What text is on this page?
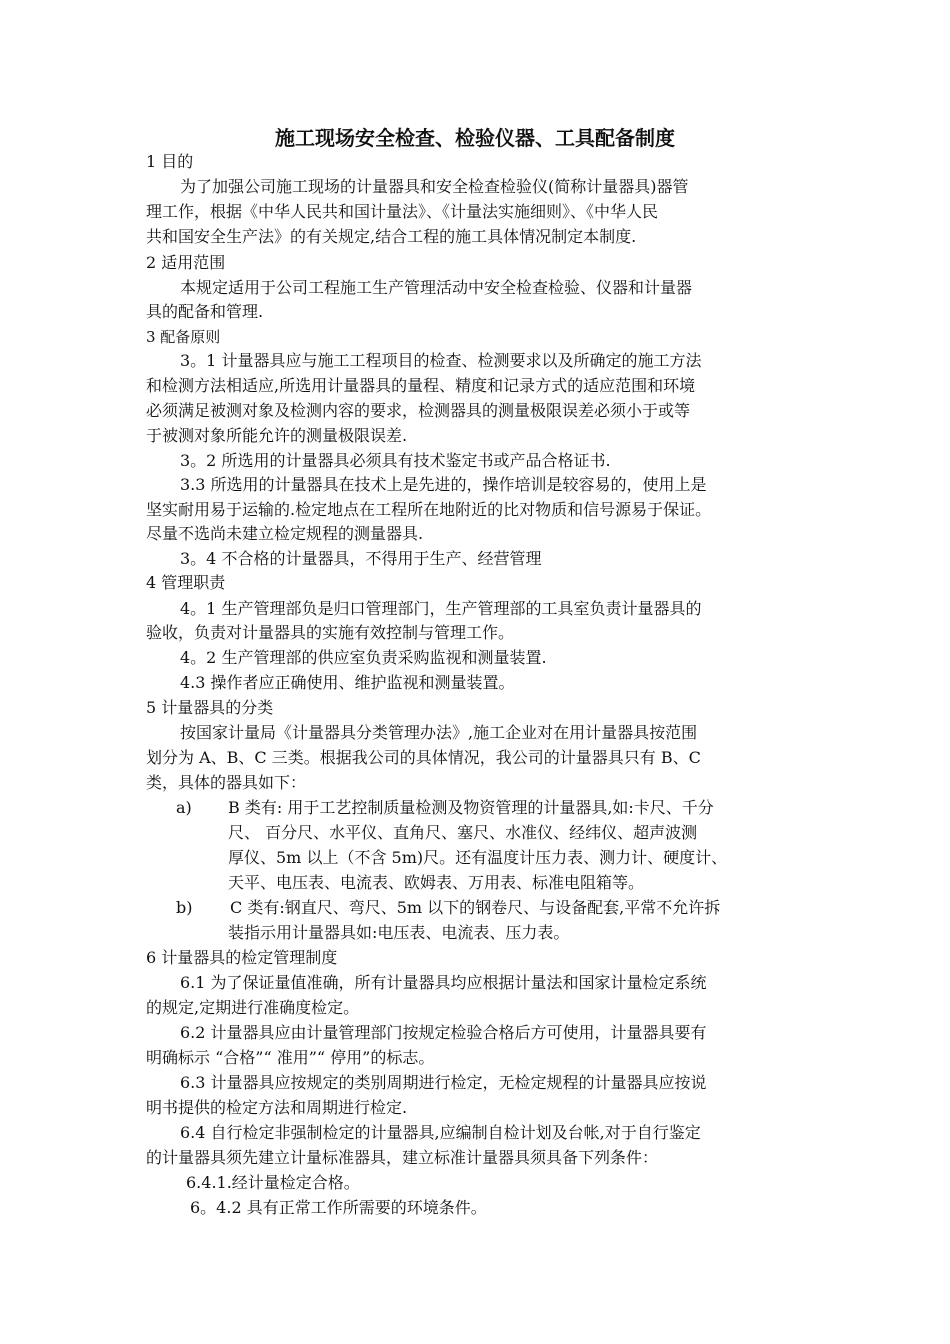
施工现场安全检查、检验仪器、工具配备制度
1 目的
为了加强公司施工现场的计量器具和安全检查检验仪(简称计量器具)器管
理工作，根据《中华人民共和国计量法》、《计量法实施细则》、《中华人民
共和国安全生产法》的有关规定,结合工程的施工具体情况制定本制度.
2 适用范围
本规定适用于公司工程施工生产管理活动中安全检查检验、仪器和计量器
具的配备和管理.
3 配备原则
3。1 计量器具应与施工工程项目的检查、检测要求以及所确定的施工方法
和检测方法相适应,所选用计量器具的量程、精度和记录方式的适应范围和环境
必须满足被测对象及检测内容的要求，检测器具的测量极限误差必须小于或等
于被测对象所能允许的测量极限误差.
3。2 所选用的计量器具必须具有技术鉴定书或产品合格证书.
3.3 所选用的计量器具在技术上是先进的，操作培训是较容易的，使用上是
坚实耐用易于运输的.检定地点在工程所在地附近的比对物质和信号源易于保证。
尽量不选尚未建立检定规程的测量器具.
3。4 不合格的计量器具，不得用于生产、经营管理
4 管理职责
4。1 生产管理部负是归口管理部门，生产管理部的工具室负责计量器具的
验收，负责对计量器具的实施有效控制与管理工作。
4。2 生产管理部的供应室负责采购监视和测量装置.
4.3 操作者应正确使用、维护监视和测量装置。
5 计量器具的分类
按国家计量局《计量器具分类管理办法》,施工企业对在用计量器具按范围
划分为 A、B、C 三类。根据我公司的具体情况，我公司的计量器具只有 B、C
类，具体的器具如下：
a) B 类有: 用于工艺控制质量检测及物资管理的计量器具,如:卡尺、千分
尺、 百分尺、水平仪、直角尺、塞尺、水准仪、经纬仪、超声波测
厚仪、5m 以上（不含 5m)尺。还有温度计压力表、测力计、硬度计、
天平、电压表、电流表、欧姆表、万用表、标准电阻箱等。
b) C 类有:钢直尺、弯尺、5m 以下的钢卷尺、与设备配套,平常不允许拆
装指示用计量器具如:电压表、电流表、压力表。
6 计量器具的检定管理制度
6.1 为了保证量值准确，所有计量器具均应根据计量法和国家计量检定系统
的规定,定期进行准确度检定。
6.2 计量器具应由计量管理部门按规定检验合格后方可使用，计量器具要有
明确标示 “合格”“ 准用”“ 停用”的标志。
6.3 计量器具应按规定的类别周期进行检定，无检定规程的计量器具应按说
明书提供的检定方法和周期进行检定.
6.4 自行检定非强制检定的计量器具,应编制自检计划及台帐,对于自行鉴定
的计量器具须先建立计量标准器具，建立标准计量器具须具备下列条件：
6.4.1.经计量检定合格。
6。4.2 具有正常工作所需要的环境条件。
